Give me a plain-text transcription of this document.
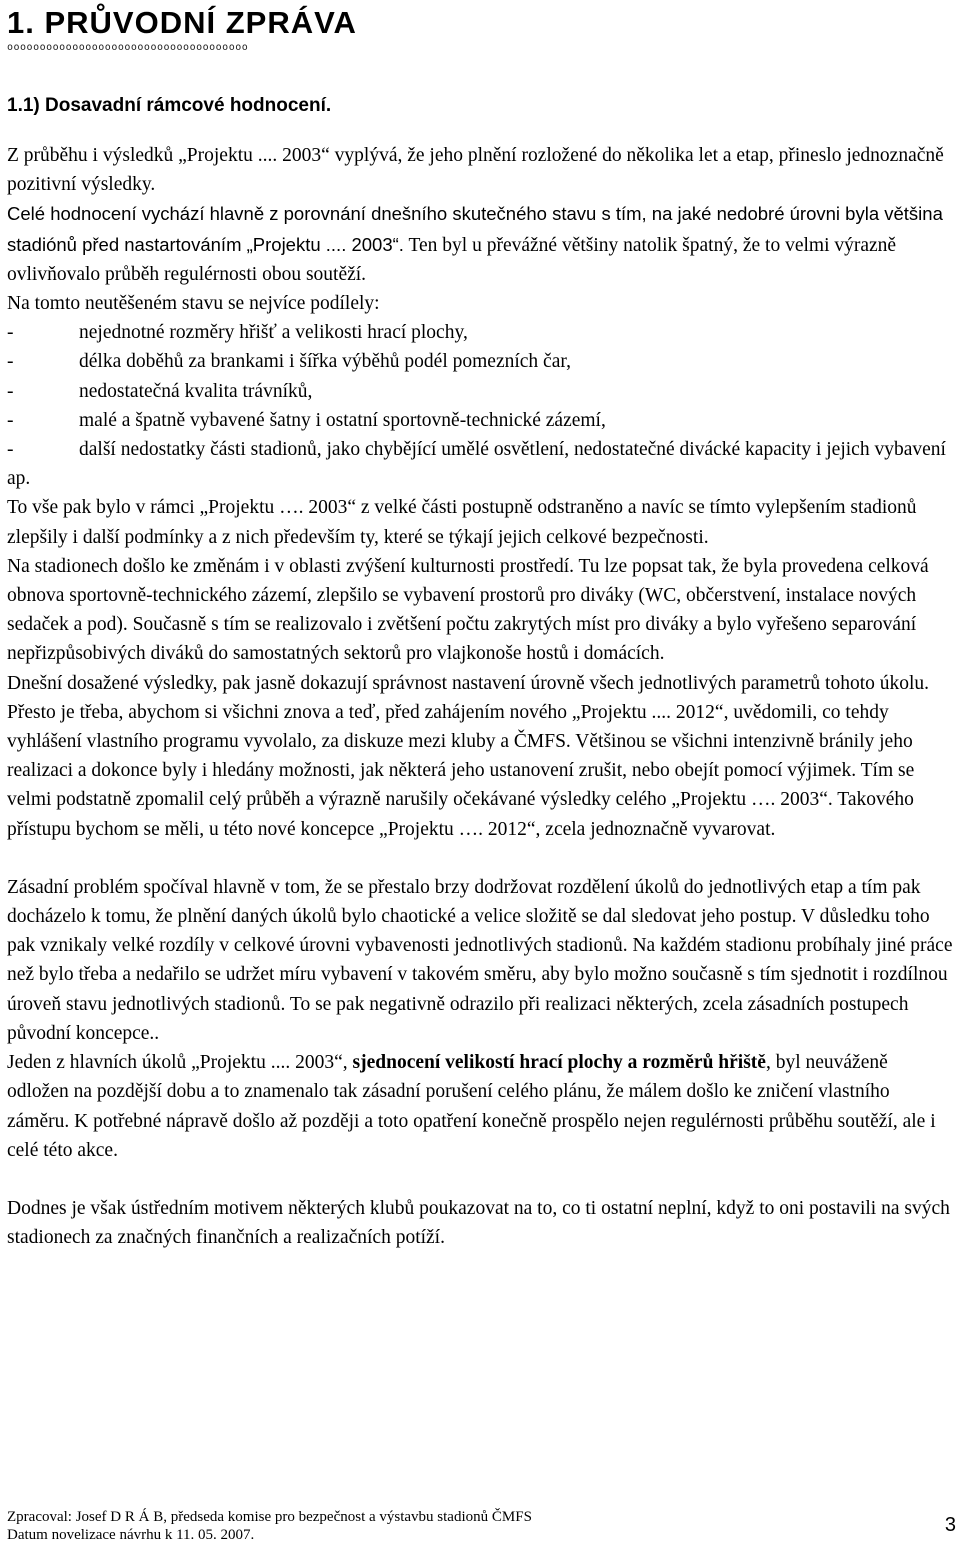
1. PRŮVODNÍ ZPRÁVA
ooooooooooooooooooooooooooooooooooooo
1.1) Dosavadní rámcové hodnocení.

Z průběhu i výsledků „Projektu .... 2003“ vyplývá, že jeho plnění rozložené do několika let a etap, přineslo jednoznačně pozitivní výsledky.

Celé hodnocení vychází hlavně z porovnání dnešního skutečného stavu s tím, na jaké nedobré úrovni byla většina stadiónů před nastartováním „Projektu .... 2003“. Ten byl u převážné většiny natolik špatný, že to velmi výrazně ovlivňovalo průběh regulérnosti obou soutěží.

Na tomto neutěšeném stavu se nejvíce podílely:

-	nejednotné rozměry hřišť a velikosti hrací plochy,
-	délka doběhů za brankami i šířka výběhů podél pomezních čar,
-	nedostatečná kvalita trávníků,
-	malé a špatně vybavené šatny i ostatní sportovně-technické zázemí,

-	další nedostatky části stadionů, jako chybějící umělé osvětlení, nedostatečné divácké kapacity i jejich vybavení ap.

To vše pak bylo v rámci „Projektu …. 2003“ z velké části postupně odstraněno a navíc se tímto vylepšením stadionů zlepšily i další podmínky a z nich především ty, které se týkají jejich celkové bezpečnosti.

Na stadionech došlo ke změnám i v oblasti zvýšení kulturnosti prostředí. Tu lze popsat tak, že byla provedena celková obnova sportovně-technického zázemí, zlepšilo se vybavení prostorů pro diváky (WC, občerstvení, instalace nových sedaček a pod). Současně s tím se realizovalo i zvětšení počtu zakrytých míst pro diváky a bylo vyřešeno separování nepřizpůsobivých diváků do samostatných sektorů pro vlajkonoše hostů i domácích.

Dnešní dosažené výsledky, pak jasně dokazují správnost nastavení úrovně všech jednotlivých parametrů tohoto úkolu.

Přesto je třeba, abychom si všichni znova a teď, před zahájením nového „Projektu .... 2012“, uvědomili, co tehdy vyhlášení vlastního programu vyvolalo, za diskuze mezi kluby a ČMFS. Většinou se všichni intenzivně bránily jeho realizaci a dokonce byly i hledány možnosti, jak některá jeho ustanovení zrušit, nebo obejít pomocí výjimek. Tím se velmi podstatně zpomalil celý průběh a výrazně narušily očekávané výsledky celého „Projektu …. 2003“. Takového přístupu bychom se měli, u této nové koncepce „Projektu …. 2012“, zcela jednoznačně vyvarovat.

Zásadní problém spočíval hlavně v tom, že se přestalo brzy dodržovat rozdělení úkolů do jednotlivých etap a tím pak docházelo k tomu, že plnění daných úkolů bylo chaotické a velice složitě se dal sledovat jeho postup. V důsledku toho pak vznikaly velké rozdíly v celkové úrovni vybavenosti jednotlivých stadionů. Na každém stadionu probíhaly jiné práce než bylo třeba a nedařilo se udržet míru vybavení v takovém směru, aby bylo možno současně s tím sjednotit i rozdílnou úroveň stavu jednotlivých stadionů. To se pak negativně odrazilo při realizaci některých, zcela zásadních postupech původní koncepce..

Jeden z hlavních úkolů „Projektu .... 2003“, sjednocení velikostí hrací plochy a rozměrů hřiště, byl neuváženě odložen na pozdější dobu a to znamenalo tak zásadní porušení celého plánu, že málem došlo ke zničení vlastního záměru. K potřebné nápravě došlo až později a toto opatření konečně prospělo nejen regulérnosti průběhu soutěží, ale i celé této akce.

Dodnes je však ústředním motivem některých klubů poukazovat na to, co ti ostatní neplní, když to oni postavili na svých stadionech za značných finančních a realizačních potíží.

Zpracoval: Josef D R Á B, předseda komise pro bezpečnost a výstavbu stadionů ČMFS
Datum novelizace návrhu k 11. 05. 2007.	3
